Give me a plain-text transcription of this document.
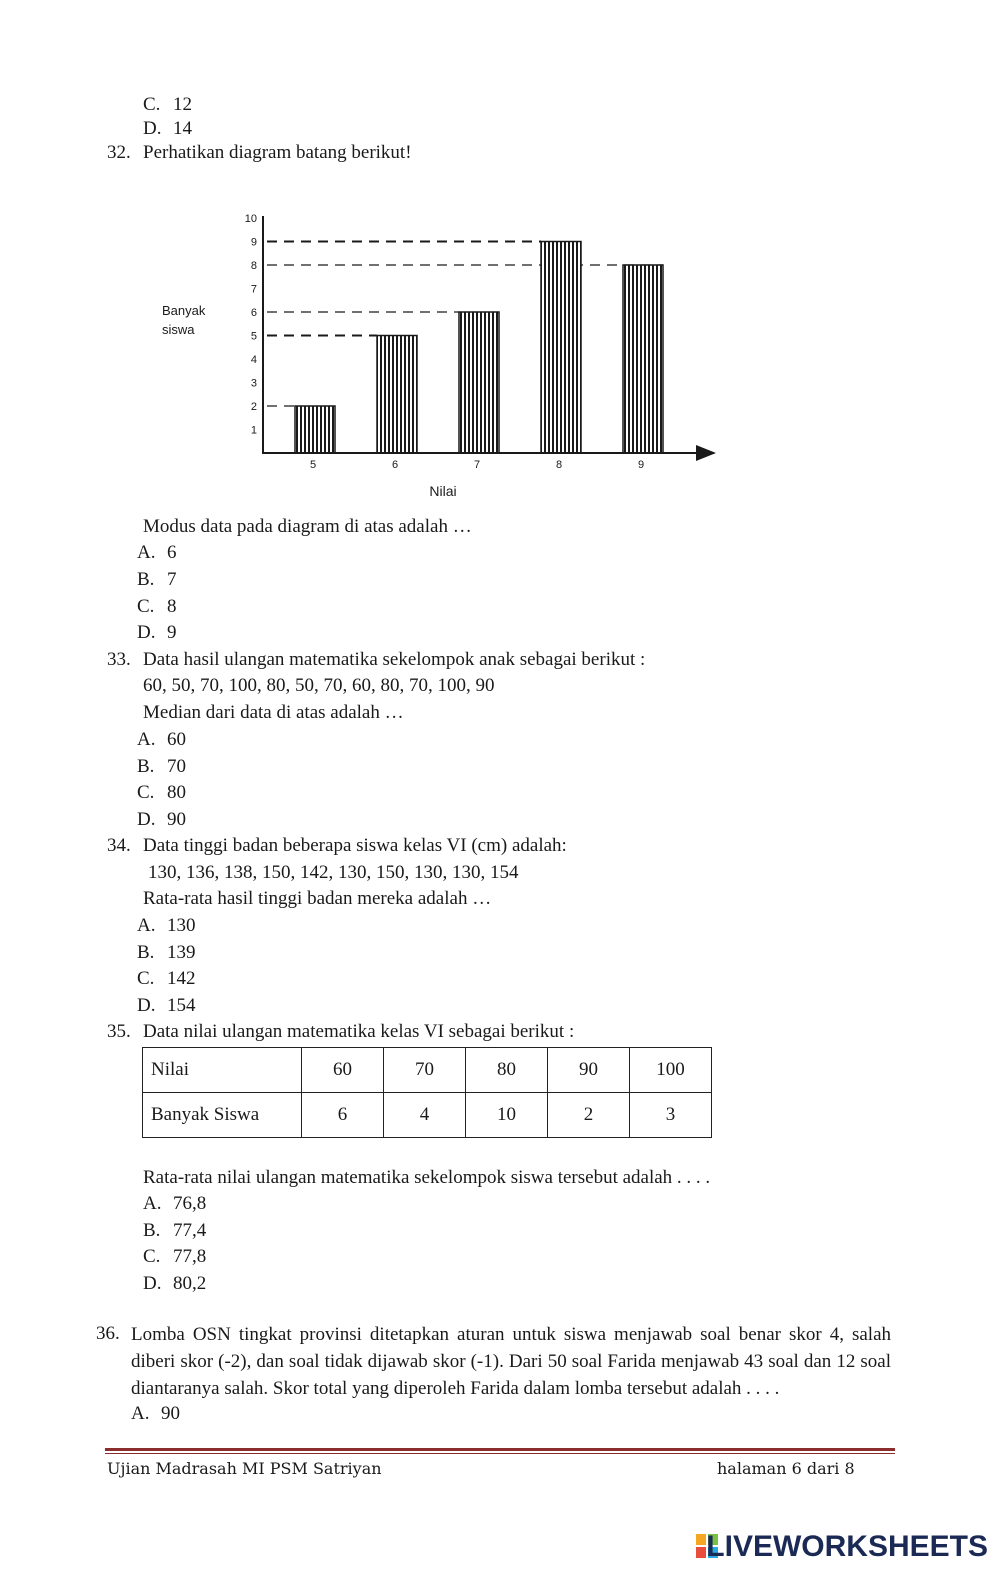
C. 12
D. 14
32. Perhatikan diagram batang berikut!
Banyak
siswa
1
2
3
4
5
6
7
8
9
10
5	6	7	8	9
Nilai
Modus data pada diagram di atas adalah …
A. 6
B. 7
C. 8
D. 9
33. Data hasil ulangan matematika sekelompok anak sebagai berikut :
60, 50, 70, 100, 80, 50, 70, 60, 80, 70, 100, 90
Median dari data di atas adalah …
A. 60
B. 70
C. 80
D. 90
34. Data tinggi badan beberapa siswa kelas VI (cm) adalah:
130, 136, 138, 150, 142, 130, 150, 130, 130, 154
Rata-rata hasil tinggi badan mereka adalah …
A. 130
B. 139
C. 142
D. 154
35. Data nilai ulangan matematika kelas VI sebagai berikut :
Nilai	60	70	80	90	100
Banyak Siswa	6	4	10	2	3
Rata-rata nilai ulangan matematika sekelompok siswa tersebut adalah . . . .
A. 76,8
B. 77,4
C. 77,8
D. 80,2
36. Lomba OSN tingkat provinsi ditetapkan aturan untuk siswa menjawab soal benar skor 4, salah diberi skor (-2), dan soal tidak dijawab skor (-1). Dari 50 soal Farida menjawab 43 soal dan 12 soal diantaranya salah. Skor total yang diperoleh Farida dalam lomba tersebut adalah . . . .
A. 90
Ujian Madrasah MI PSM Satriyan	halaman 6 dari 8
LIVEWORKSHEETS
